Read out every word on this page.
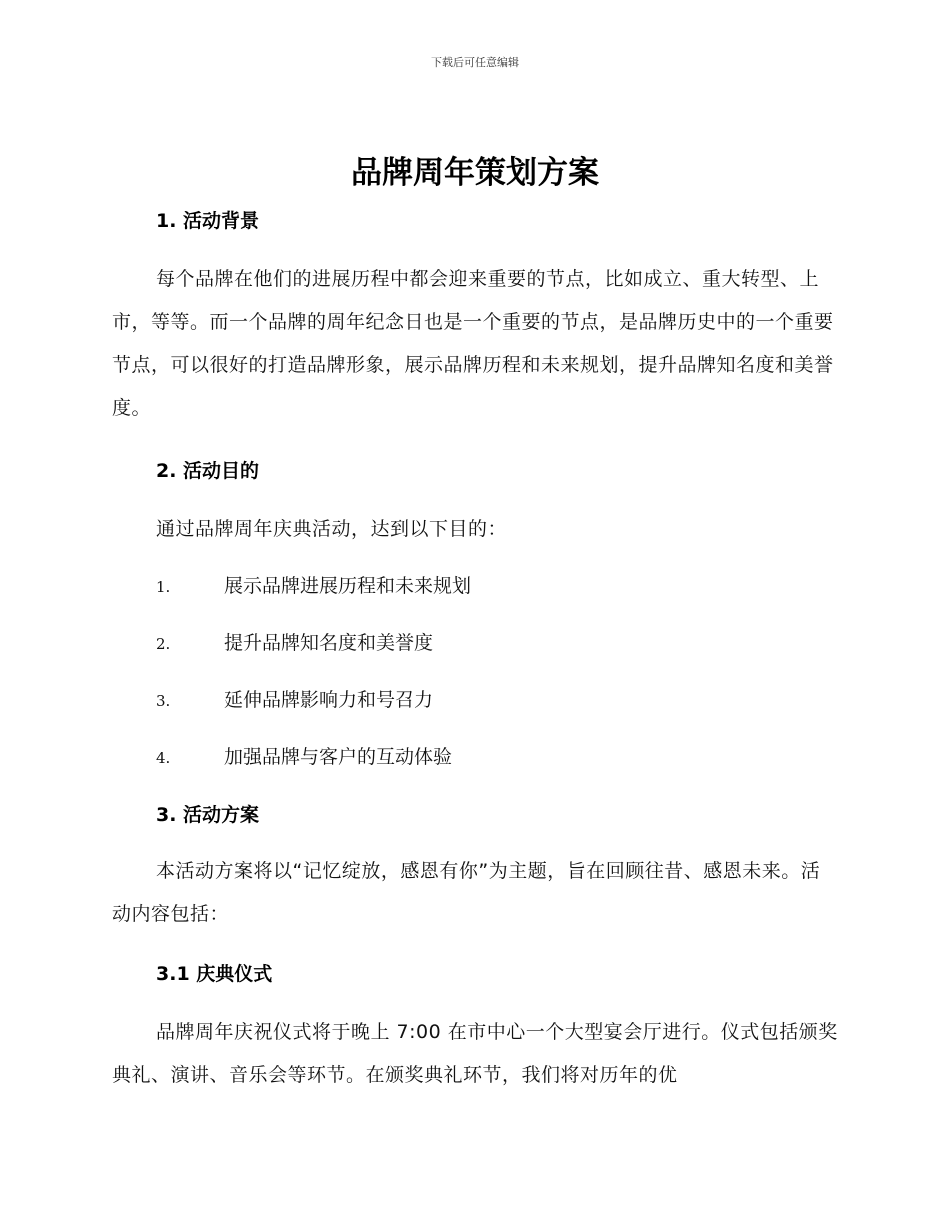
下载后可任意编辑

品牌周年策划方案
1. 活动背景

每个品牌在他们的进展历程中都会迎来重要的节点，比如成立、重大转型、上市，等等。而一个品牌的周年纪念日也是一个重要的节点，是品牌历史中的一个重要节点，可以很好的打造品牌形象，展示品牌历程和未来规划，提升品牌知名度和美誉度。

2. 活动目的

通过品牌周年庆典活动，达到以下目的：

1.	展示品牌进展历程和未来规划
2.	提升品牌知名度和美誉度
3.	延伸品牌影响力和号召力
4.	加强品牌与客户的互动体验
3. 活动方案

本活动方案将以“记忆绽放，感恩有你”为主题，旨在回顾往昔、感恩未来。活动内容包括：

3.1 庆典仪式

品牌周年庆祝仪式将于晚上 7:00 在市中心一个大型宴会厅进行。仪式包括颁奖典礼、演讲、音乐会等环节。在颁奖典礼环节，我们将对历年的优
